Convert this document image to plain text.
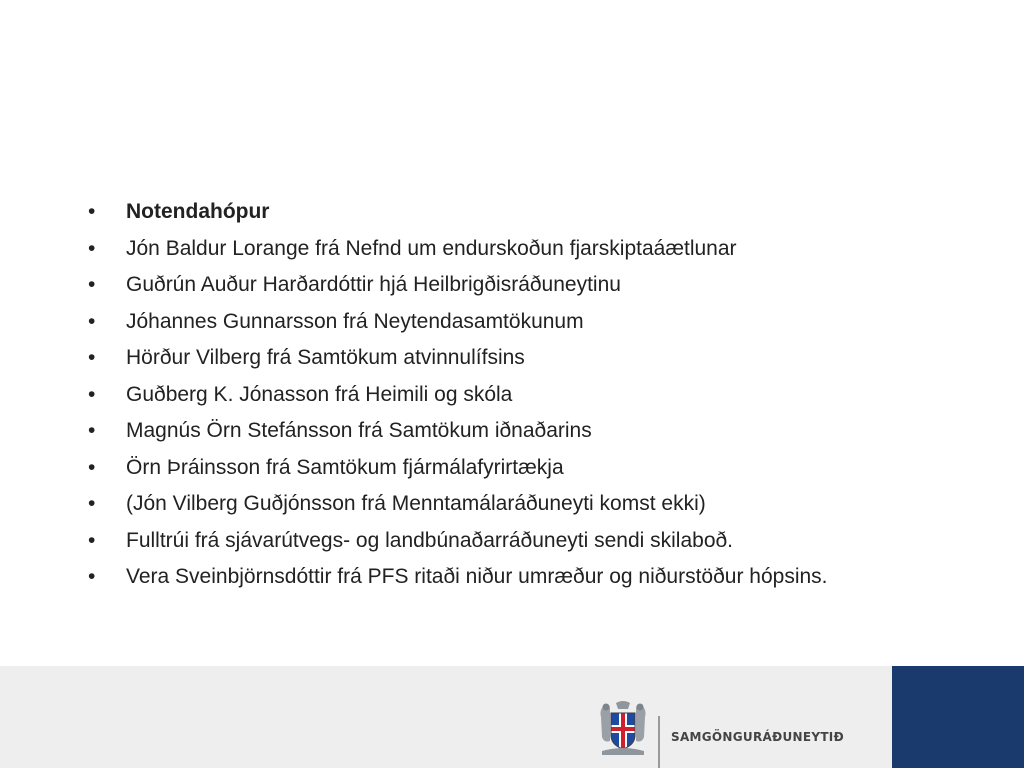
•	Notendahópur
•	Jón Baldur Lorange frá Nefnd um endurskoðun fjarskiptaáætlunar
•	Guðrún Auður Harðardóttir hjá Heilbrigðisráðuneytinu
•	Jóhannes Gunnarsson frá Neytendasamtökunum
•	Hörður Vilberg frá Samtökum atvinnulífsins
•	Guðberg K. Jónasson frá Heimili og skóla
•	Magnús Örn Stefánsson frá Samtökum iðnaðarins
•	Örn Þráinsson frá Samtökum fjármálafyrirtækja
•	(Jón Vilberg Guðjónsson frá Menntamálaráðuneyti komst ekki)
•	Fulltrúi frá sjávarútvegs- og landbúnaðarráðuneyti sendi skilaboð.
•	Vera Sveinbjörnsdóttir frá PFS ritaði niður umræður og niðurstöður hópsins.
SAMGÖNGURÁÐUNEYTIÐ
